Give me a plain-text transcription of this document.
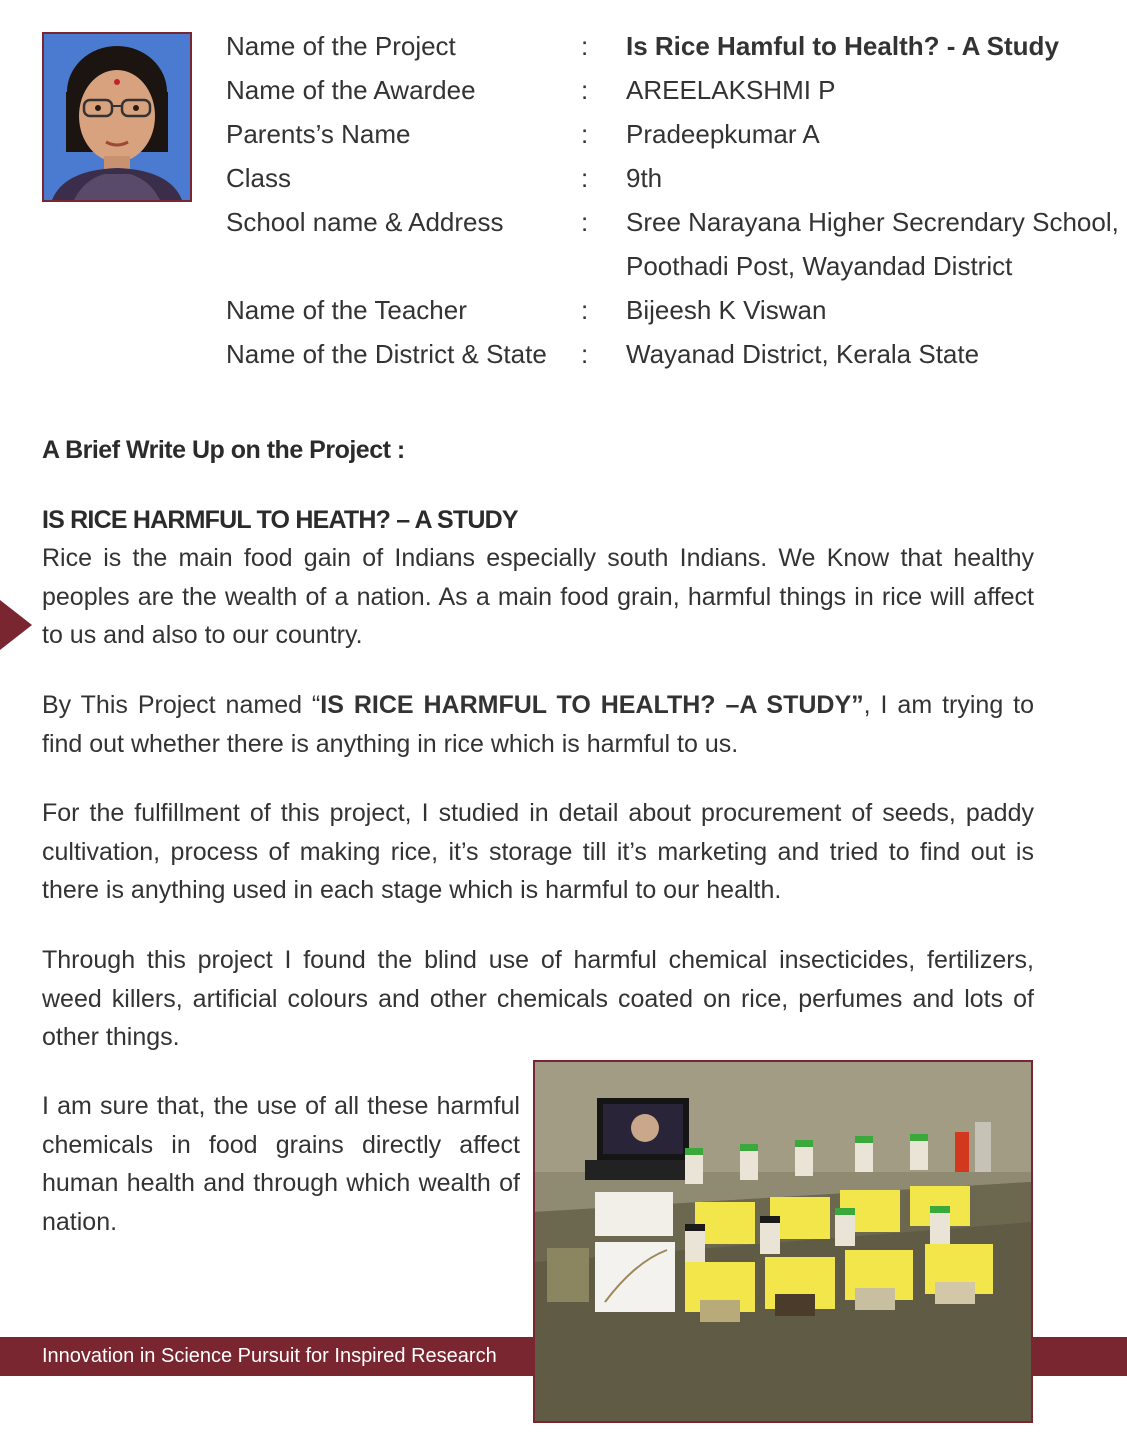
Name of the Project	:	Is Rice Hamful to Health? - A Study
Name of the Awardee	:	AREELAKSHMI P
Parents’s Name	:	Pradeepkumar A
Class	:	9th
School name & Address	:	Sree Narayana Higher Secrendary School,
Poothadi Post, Wayandad District
Name of the Teacher	:	Bijeesh K Viswan
Name of the District & State	:	Wayanad District, Kerala State
A Brief Write Up on the Project :
IS RICE HARMFUL TO HEATH? – A STUDY
Rice is the main food gain of Indians especially south Indians. We Know that healthy peoples are the wealth of a nation. As a main food grain, harmful things in rice will affect to us and also to our country.
By This Project named “IS RICE HARMFUL TO HEALTH? –A STUDY”, I am trying to find out whether there is anything in rice which is harmful to us.
For the fulfillment of this project, I studied in detail about procurement of seeds, paddy cultivation, process of making rice, it’s storage till it’s marketing and tried to find out is there is anything used in each stage which is harmful to our health.
Through this project I found the blind use of harmful chemical insecticides, fertilizers, weed killers, artificial colours and other chemicals coated on rice, perfumes and lots of other things.
I am sure that, the use of all these harmful chemicals in food grains directly affect human health and through which wealth of nation.
Innovation in Science Pursuit for Inspired Research
